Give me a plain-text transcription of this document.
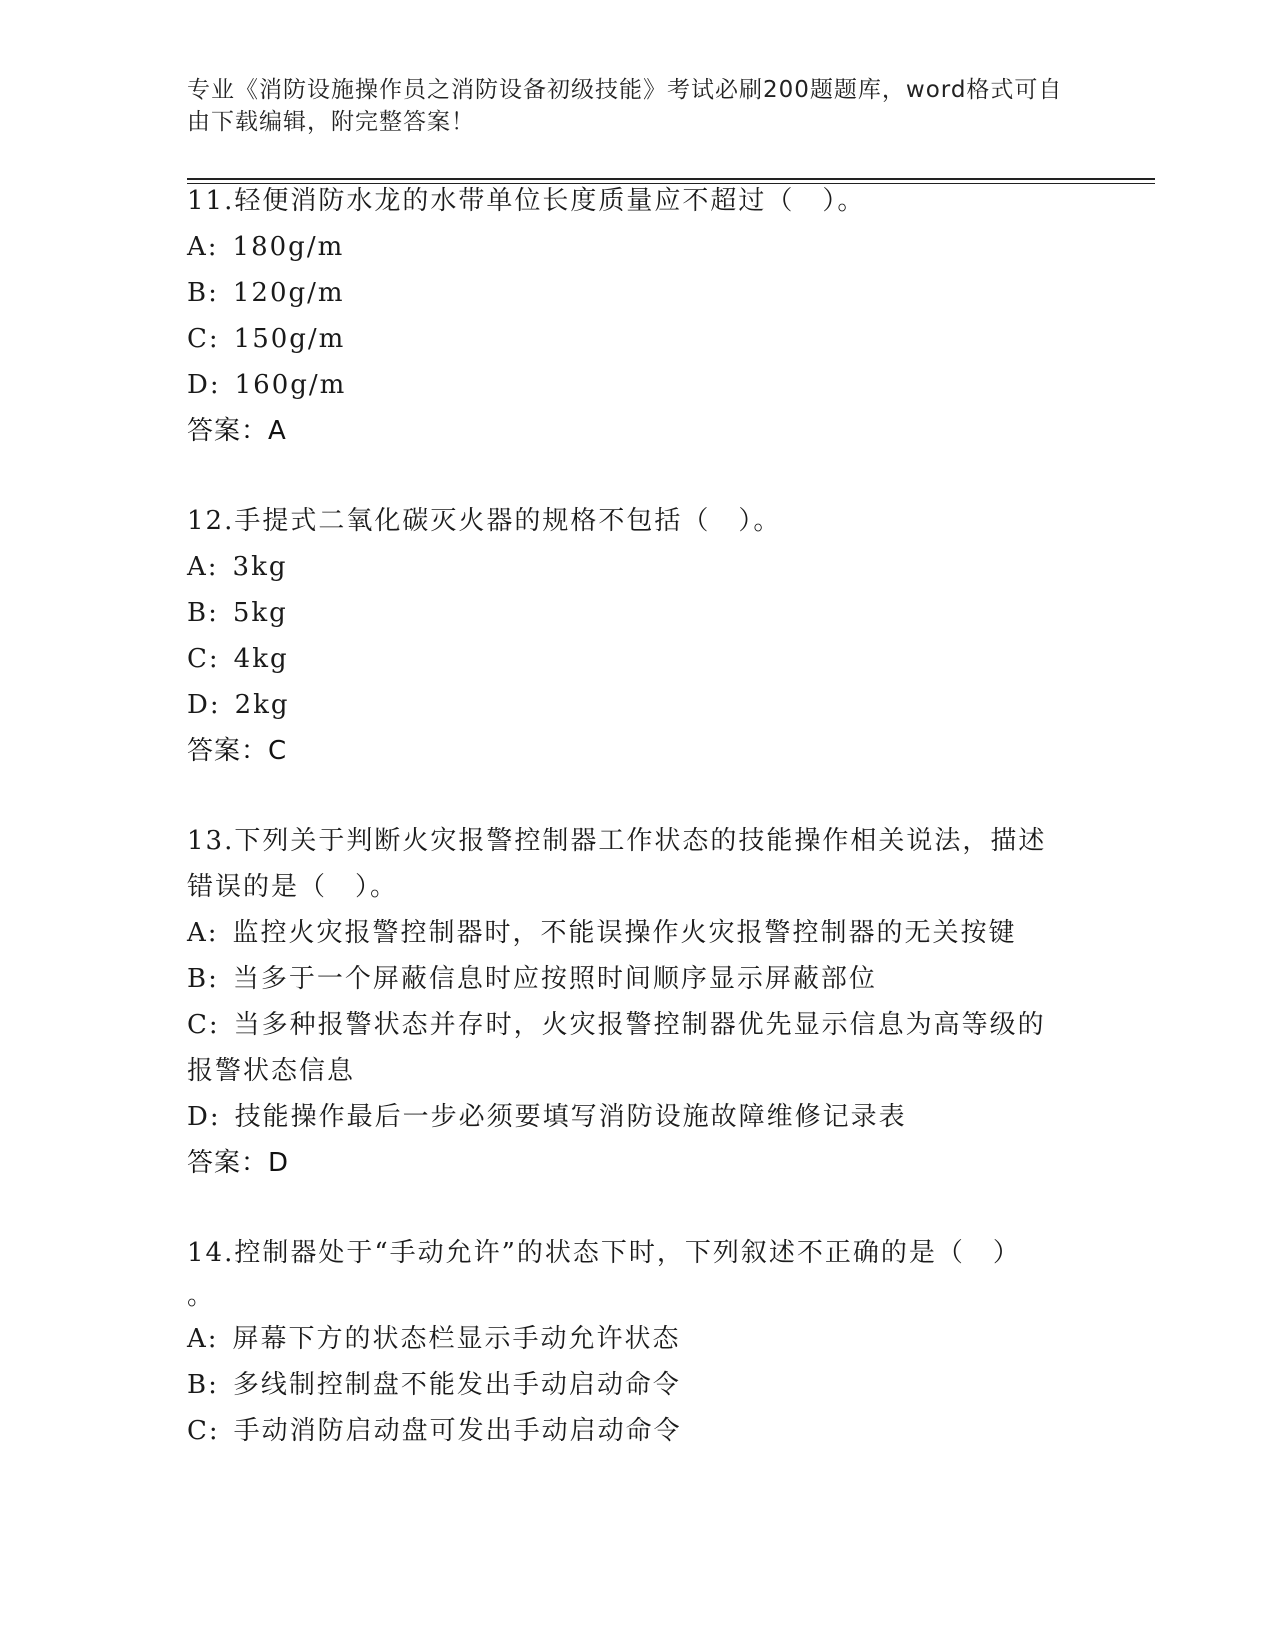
专业《消防设施操作员之消防设备初级技能》考试必刷200题题库，word格式可自由下载编辑，附完整答案！
11.轻便消防水龙的水带单位长度质量应不超过（　）。
A: 180g/m
B: 120g/m
C: 150g/m
D: 160g/m
答案：A
12.手提式二氧化碳灭火器的规格不包括（　）。
A: 3kg
B: 5kg
C: 4kg
D: 2kg
答案：C
13.下列关于判断火灾报警控制器工作状态的技能操作相关说法，描述
错误的是（　）。
A: 监控火灾报警控制器时，不能误操作火灾报警控制器的无关按键
B: 当多于一个屏蔽信息时应按照时间顺序显示屏蔽部位
C: 当多种报警状态并存时，火灾报警控制器优先显示信息为高等级的
报警状态信息
D: 技能操作最后一步必须要填写消防设施故障维修记录表
答案：D
14.控制器处于“手动允许”的状态下时，下列叙述不正确的是（　）
。
A: 屏幕下方的状态栏显示手动允许状态
B: 多线制控制盘不能发出手动启动命令
C: 手动消防启动盘可发出手动启动命令
